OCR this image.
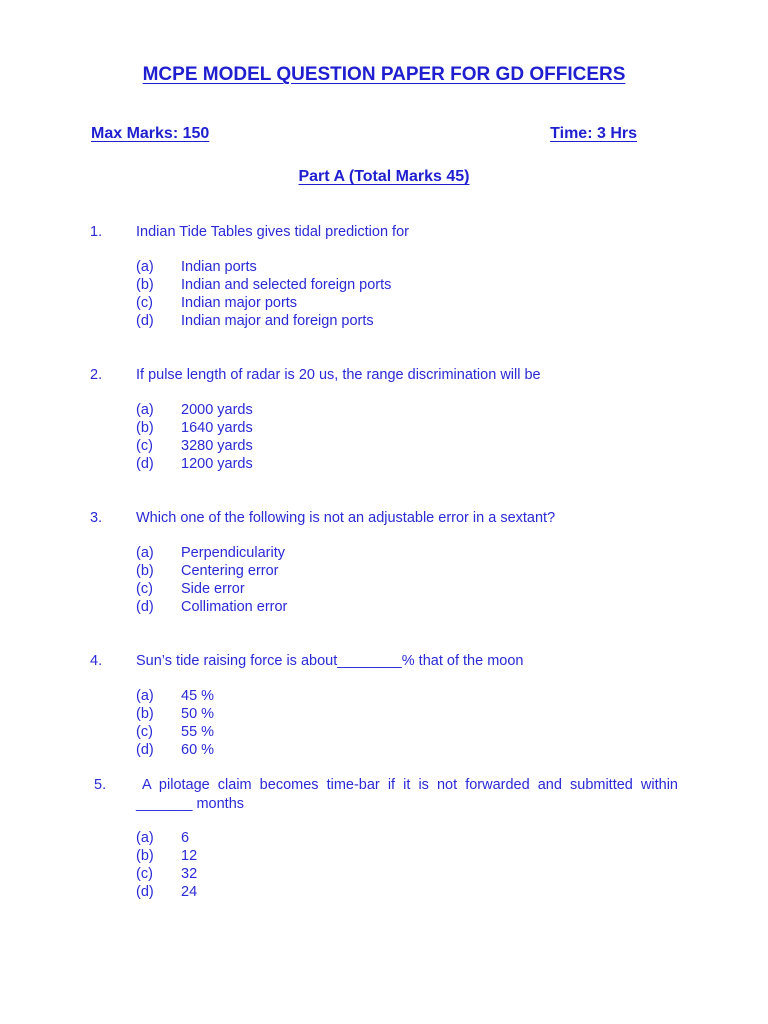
MCPE MODEL QUESTION PAPER FOR GD OFFICERS
Max Marks: 150	Time: 3 Hrs
Part A (Total Marks 45)
1. Indian Tide Tables gives tidal prediction for
(a) Indian ports
(b) Indian and selected foreign ports
(c) Indian major ports
(d) Indian major and foreign ports
2. If pulse length of radar is 20 us, the range discrimination will be
(a) 2000 yards
(b) 1640 yards
(c) 3280 yards
(d) 1200 yards
3. Which one of the following is not an adjustable error in a sextant?
(a) Perpendicularity
(b) Centering error
(c) Side error
(d) Collimation error
4. Sun’s tide raising force is about________% that of the moon
(a) 45 %
(b) 50 %
(c) 55 %
(d) 60 %
5.	A pilotage claim becomes time-bar if it is not forwarded and submitted within _______ months
(a) 6
(b) 12
(c) 32
(d) 24
